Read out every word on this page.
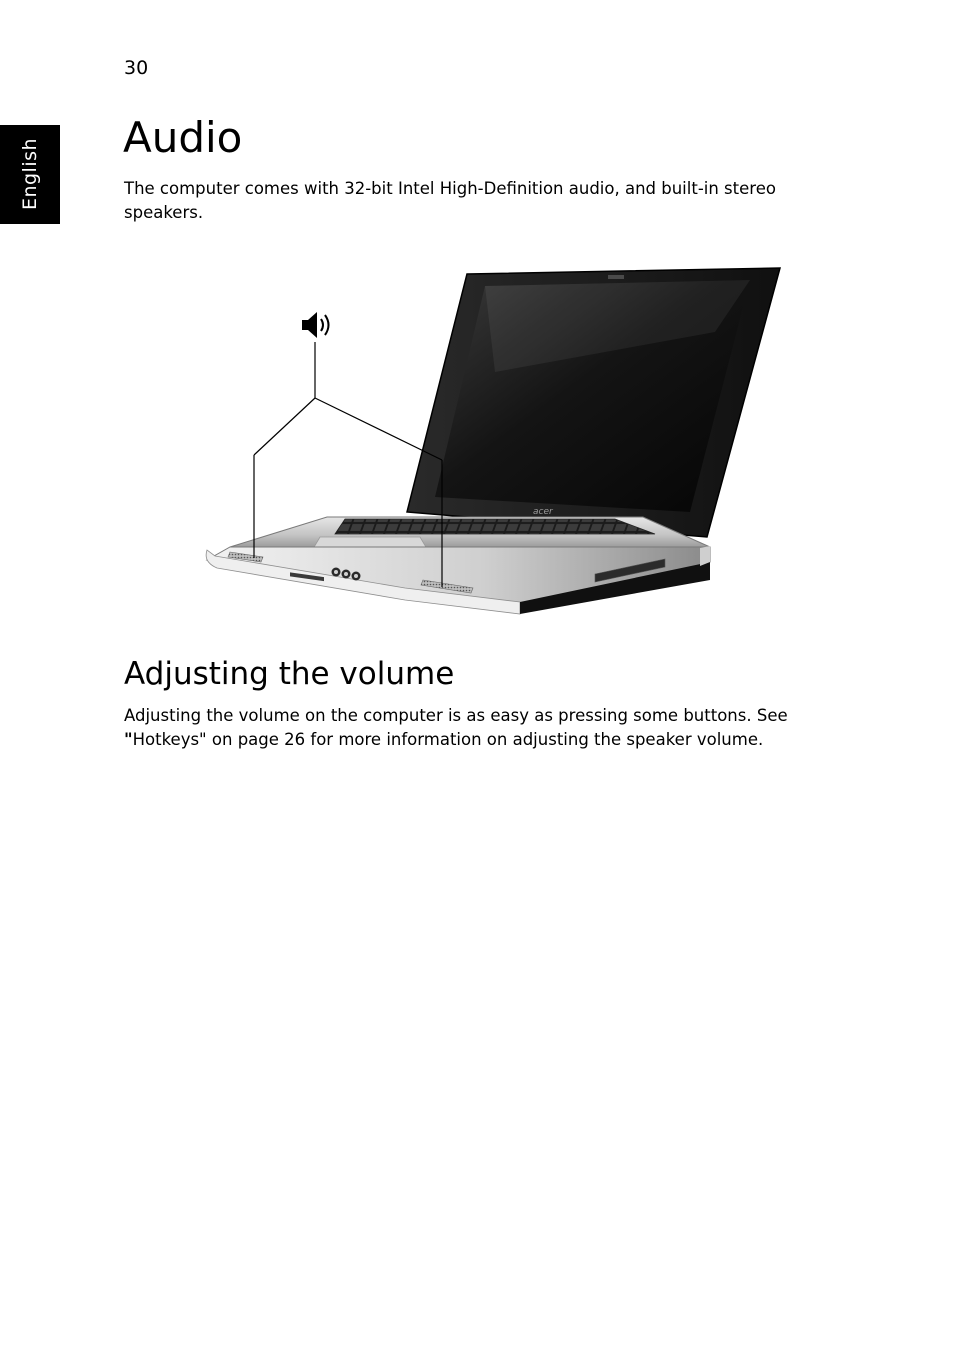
30
English
Audio

The computer comes with 32-bit Intel High-Definition audio, and built-in stereo speakers.

acer
Adjusting the volume

Adjusting the volume on the computer is as easy as pressing some buttons. See "Hotkeys" on page 26 for more information on adjusting the speaker volume.
